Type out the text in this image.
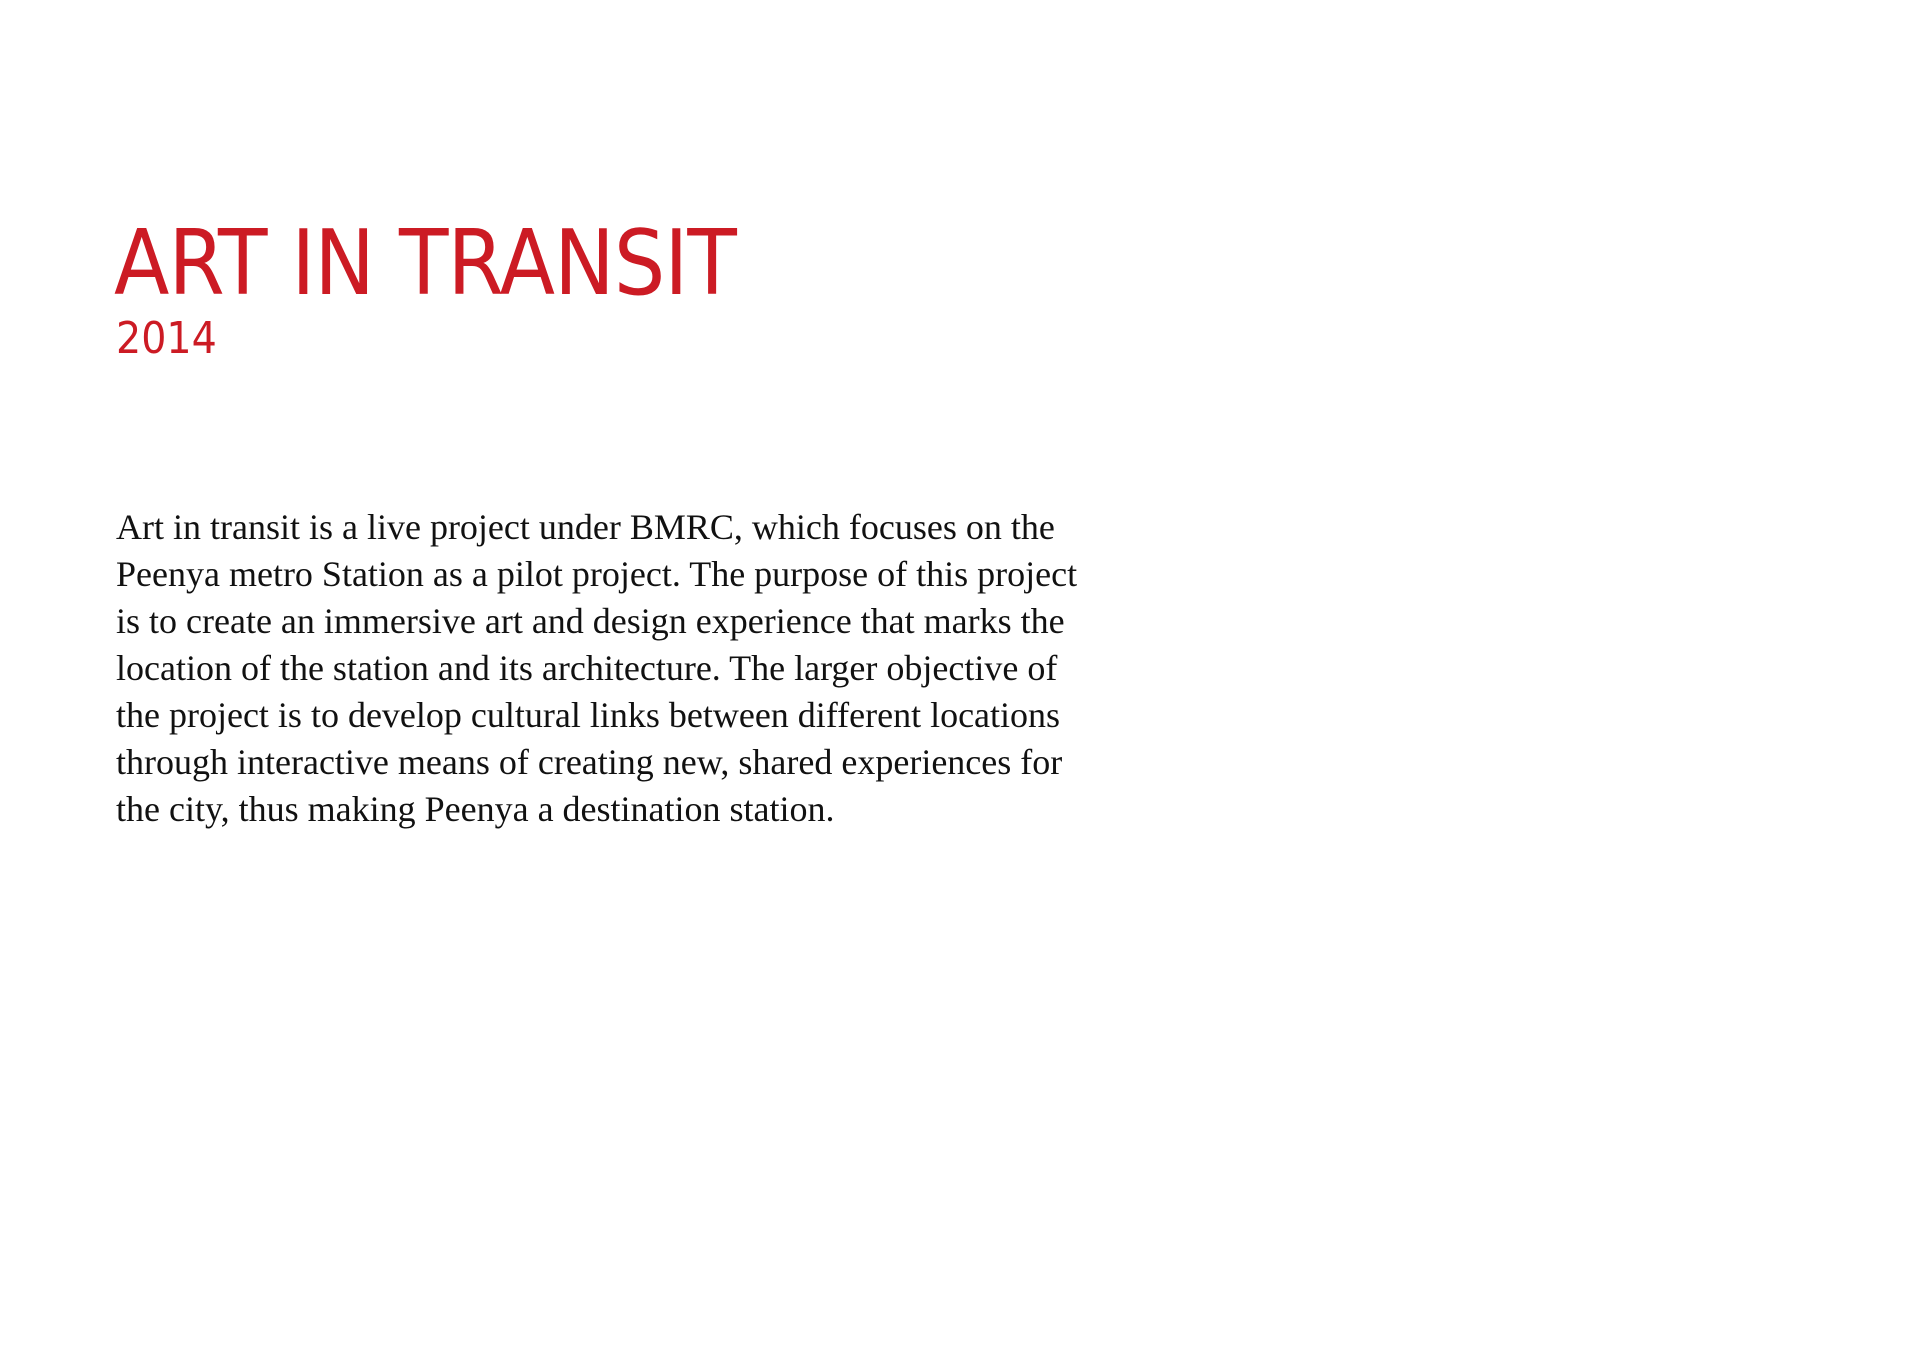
ART IN TRANSIT
2014
Art in transit is a live project under BMRC, which focuses on the
Peenya metro Station as a pilot project. The purpose of this project
is to create an immersive art and design experience that marks the
location of the station and its architecture. The larger objective of
the project is to develop cultural links between different locations
through interactive means of creating new, shared experiences for
the city, thus making Peenya a destination station.
